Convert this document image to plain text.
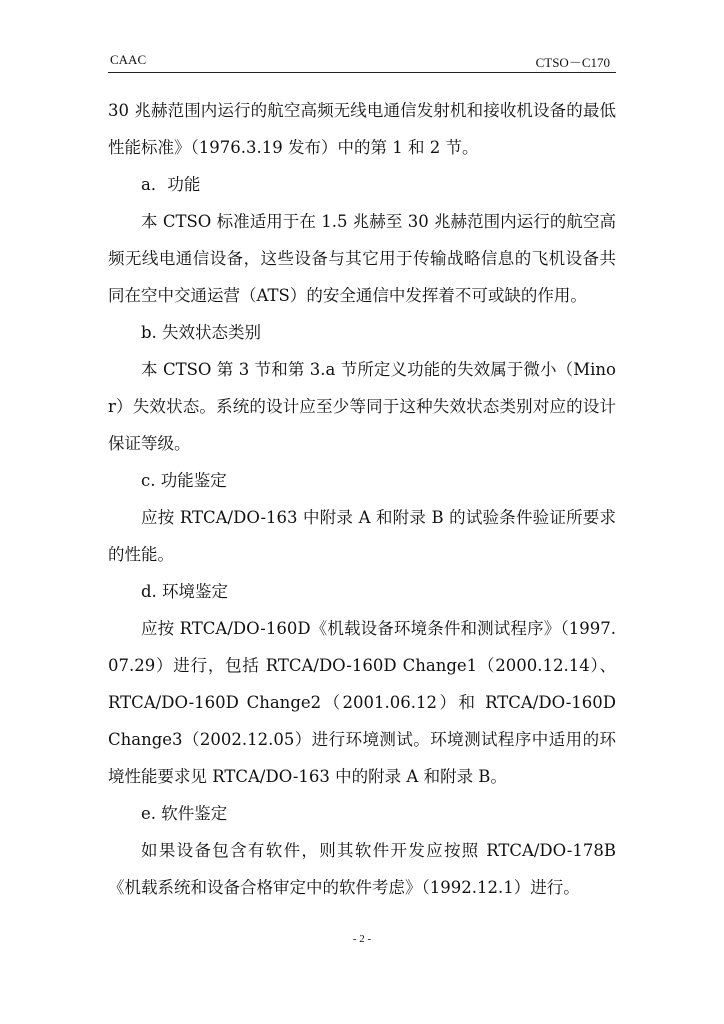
CAAC	CTSO－C170

30 兆赫范围内运行的航空高频无线电通信发射机和接收机设备的最低性能标准》（1976.3.19 发布）中的第 1 和 2 节。

a．功能

本 CTSO 标准适用于在 1.5 兆赫至 30 兆赫范围内运行的航空高频无线电通信设备，这些设备与其它用于传输战略信息的飞机设备共同在空中交通运营（ATS）的安全通信中发挥着不可或缺的作用。

b. 失效状态类别

本 CTSO 第 3 节和第 3.a 节所定义功能的失效属于微小（Minor）失效状态。系统的设计应至少等同于这种失效状态类别对应的设计保证等级。

c. 功能鉴定

应按 RTCA/DO-163 中附录 A 和附录 B 的试验条件验证所要求的性能。

d. 环境鉴定

应按 RTCA/DO-160D《机载设备环境条件和测试程序》（1997.07.29）进行，包括 RTCA/DO-160D Change1（2000.12.14）、RTCA/DO-160D Change2（2001.06.12）和 RTCA/DO-160D Change3（2002.12.05）进行环境测试。环境测试程序中适用的环境性能要求见 RTCA/DO-163 中的附录 A 和附录 B。

e. 软件鉴定

如果设备包含有软件，则其软件开发应按照 RTCA/DO-178B《机载系统和设备合格审定中的软件考虑》（1992.12.1）进行。

- 2 -
